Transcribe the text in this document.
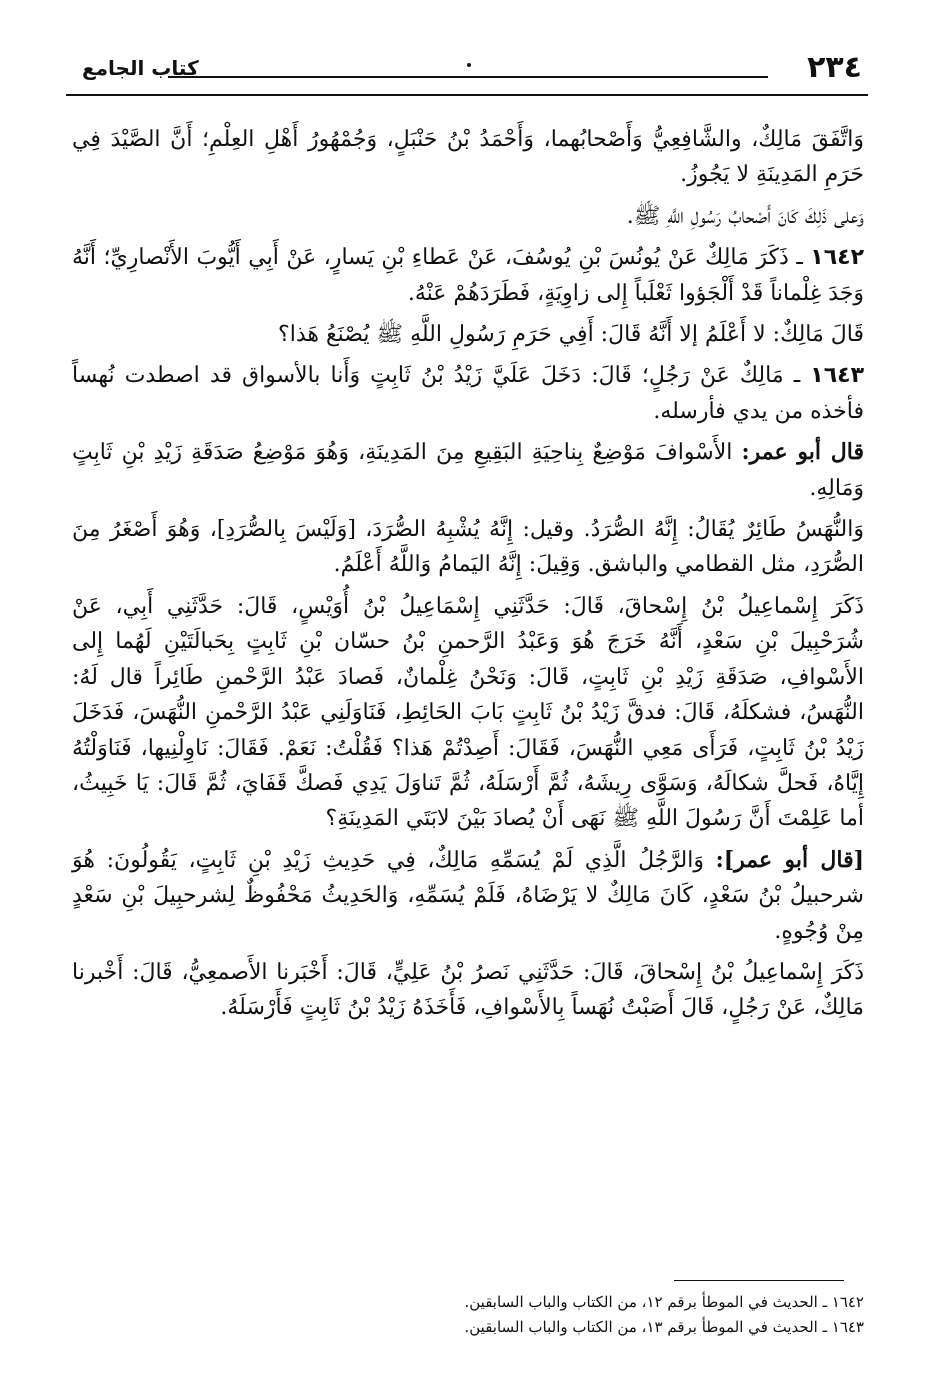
٢٣٤
كتاب الجامع

وَاتَّفَقَ مَالِكٌ، والشَّافِعِيُّ وَأَصْحابُهما، وَأَحْمَدُ بْنُ حَنْبَلٍ، وَجُمْهُورُ أَهْلِ العِلْمِ؛ أَنَّ الصَّيْدَ فِي حَرَمِ المَدِينَةِ لا يَجُوزُ.

وَعلى ذَلِكَ كَانَ أَصْحابُ رَسُولِ اللَّهِ ﷺ.

١٦٤٢ ـ ذَكَرَ مَالِكٌ عَنْ يُونُسَ بْنِ يُوسُفَ، عَنْ عَطاءِ بْنِ يَسارٍ، عَنْ أَبِي أَيُّوبَ الأَنْصارِيِّ؛ أَنَّهُ وَجَدَ غِلْماناً قَدْ أَلْجَؤوا ثَعْلَباً إِلى زاوِيَةٍ، فَطَرَدَهُمْ عَنْهُ.

قَالَ مَالِكٌ: لا أَعْلَمُ إلا أَنَّهُ قَالَ: أَفِي حَرَمِ رَسُولِ اللَّهِ ﷺ يُصْنَعُ هَذا؟

١٦٤٣ ـ مَالِكٌ عَنْ رَجُلٍ؛ قَالَ: دَخَلَ عَلَيَّ زَيْدُ بْنُ ثَابِتٍ وَأَنا بالأسواق قد اصطدت نُهساً فأخذه من يدي فأرسله.

قال أبو عمر: الأَسْوافَ مَوْضِعٌ بِناحِيَةِ البَقِيعِ مِنَ المَدِينَةِ، وَهُوَ مَوْضِعُ صَدَقَةِ زَيْدِ بْنِ ثَابِتٍ وَمَالِهِ.

وَالنُّهَسُ طَائِرٌ يُقَالُ: إِنَّهُ الصُّرَدُ. وقيل: إِنَّهُ يُشْبِهُ الصُّرَدَ، [وَلَيْسَ بِالصُّرَدِ]، وَهُوَ أَصْغَرُ مِنَ الصُّرَدِ، مثل القطامي والباشق. وَقِيلَ: إِنَّهُ اليَمامُ وَاللَّهُ أَعْلَمُ.

ذَكَرَ إِسْماعِيلُ بْنُ إِسْحاقَ، قَالَ: حَدَّثَنِي إِسْمَاعِيلُ بْنُ أُوَيْسٍ، قَالَ: حَدَّثَنِي أَبِي، عَنْ شُرَحْبِيلَ بْنِ سَعْدٍ، أَنَّهُ خَرَجَ هُوَ وَعَبْدُ الرَّحمنِ بْنُ حسّان بْنِ ثَابِتٍ بِحَبالَتَيْنِ لَهُما إِلى الأَسْوافِ، صَدَقَةِ زَيْدِ بْنِ ثَابِتٍ، قَالَ: وَنَحْنُ غِلْمانٌ، فَصادَ عَبْدُ الرَّحْمنِ طَائِراً قال لَهُ: النُّهَسُ، فشكلَهُ، قَالَ: فدقَّ زَيْدُ بْنُ ثَابِتٍ بَابَ الحَائِطِ، فَنَاوَلَنِي عَبْدُ الرَّحْمنِ النُّهَسَ، فَدَخَلَ زَيْدُ بْنُ ثَابِتٍ، فَرَأَى مَعِي النُّهَسَ، فَقَالَ: أَصِدْتُمْ هَذا؟ فَقُلْتُ: نَعَمْ. فَقَالَ: نَاوِلْنِيها، فَنَاوَلْتُهُ إِيَّاهُ، فَحلَّ شكالَهُ، وَسَوَّى رِيشَهُ، ثُمَّ أَرْسَلَهُ، ثُمَّ تَناوَلَ يَدِي فَصكَّ قَفَايَ، ثُمَّ قَالَ: يَا خَبِيثُ، أما عَلِمْتَ أَنَّ رَسُولَ اللَّهِ ﷺ نَهَى أَنْ يُصادَ بَيْنَ لابَتَي المَدِينَةِ؟

[قال أبو عمر]: وَالرَّجُلُ الَّذِي لَمْ يُسَمِّهِ مَالِكٌ، فِي حَدِيثِ زَيْدِ بْنِ ثَابِتٍ، يَقُولُونَ: هُوَ شرحبيلُ بْنُ سَعْدٍ، كَانَ مَالِكٌ لا يَرْضَاهُ، فَلَمْ يُسَمِّهِ، وَالحَدِيثُ مَحْفُوظٌ لِشرحبِيلَ بْنِ سَعْدٍ مِنْ وُجُوهٍ.

ذَكَرَ إِسْماعِيلُ بْنُ إِسْحاقَ، قَالَ: حَدَّثَنِي نَصرُ بْنُ عَلِيٍّ، قَالَ: أَخْبَرنا الأَصمعِيُّ، قَالَ: أَخْبرنا مَالِكٌ، عَنْ رَجُلٍ، قَالَ أَصَبْتُ نُهَساً بِالأَسْوافِ، فَأَخَذَهُ زَيْدُ بْنُ ثَابِتٍ فَأَرْسَلَهُ.

١٦٤٢ ـ الحديث في الموطأ برقم ١٢، من الكتاب والباب السابقين.
١٦٤٣ ـ الحديث في الموطأ برقم ١٣، من الكتاب والباب السابقين.
